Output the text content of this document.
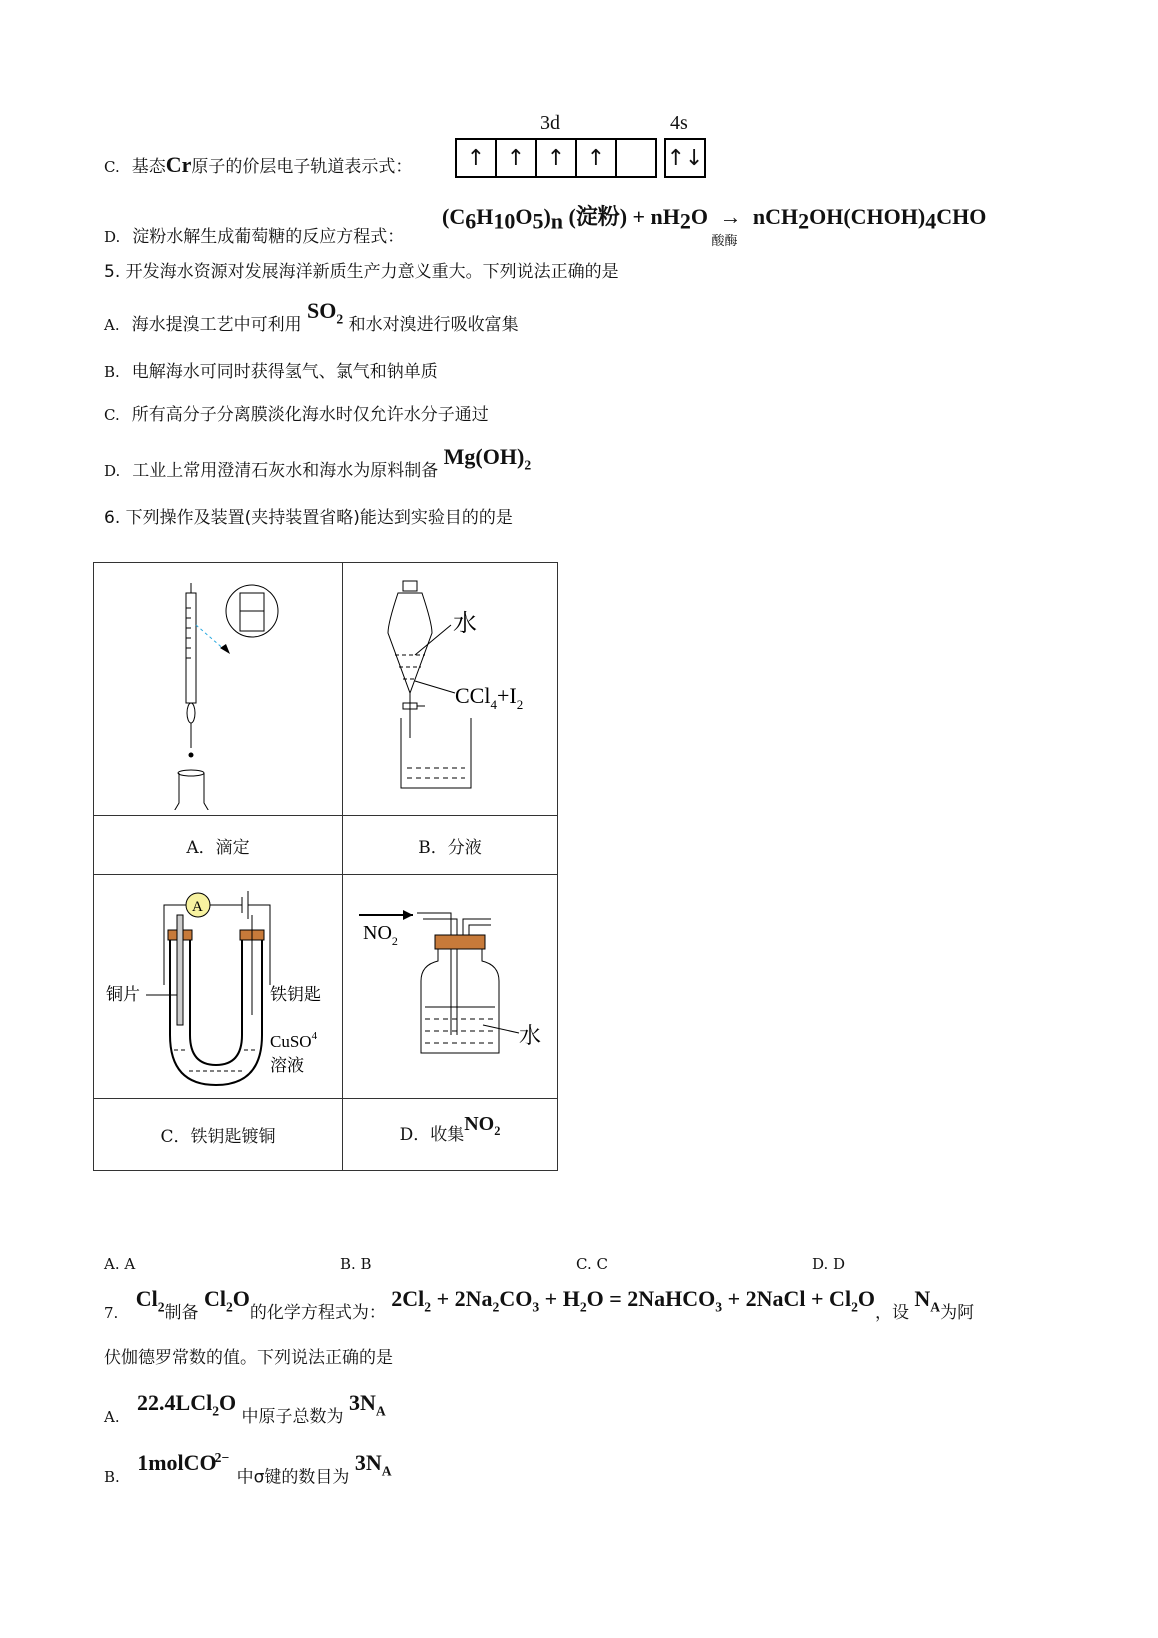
3d	4s
↑ ↑ ↑ ↑	↑↓
C. 基态Cr原子的价层电子轨道表示式：
D. 淀粉水解生成葡萄糖的反应方程式：
$(C_6H_{10}O_5)_n$ (淀粉) + $nH_2O$ →
酸酶
$nCH_2OH(CHOH)_4CHO$
5. 开发海水资源对发展海洋新质生产力意义重大。下列说法正确的是
A. 海水提溴工艺中可利用 $SO_2$ 和水对溴进行吸收富集
B. 电解海水可同时获得氢气、氯气和钠单质
C. 所有高分子分离膜淡化海水时仅允许水分子通过
D. 工业上常用澄清石灰水和海水为原料制备 $Mg(OH)_2$
6. 下列操作及装置(夹持装置省略)能达到实验目的的是

水
$CCl_4+I_2$

A．滴定	B．分液

A
铜片 铁钥匙
CuSO$^4$
溶液	$NO_2$
水

C．铁钥匙镀铜	D．收集$NO_2$
A. A	B. B	C. C	D. D
7. $Cl_2$制备 $Cl_2O$的化学方程式为： $2Cl_2 + 2Na_2CO_3 + H_2O$ = 2NaHCO$_3$ + 2NaCl + $Cl_2O$，设 $N_A$为阿
伏伽德罗常数的值。下列说法正确的是
A. 22.4LCl$_2$O 中原子总数为 $3N_A$
B. 1molCO$^{2-}$ 中σ键的数目为 $3N_A$
